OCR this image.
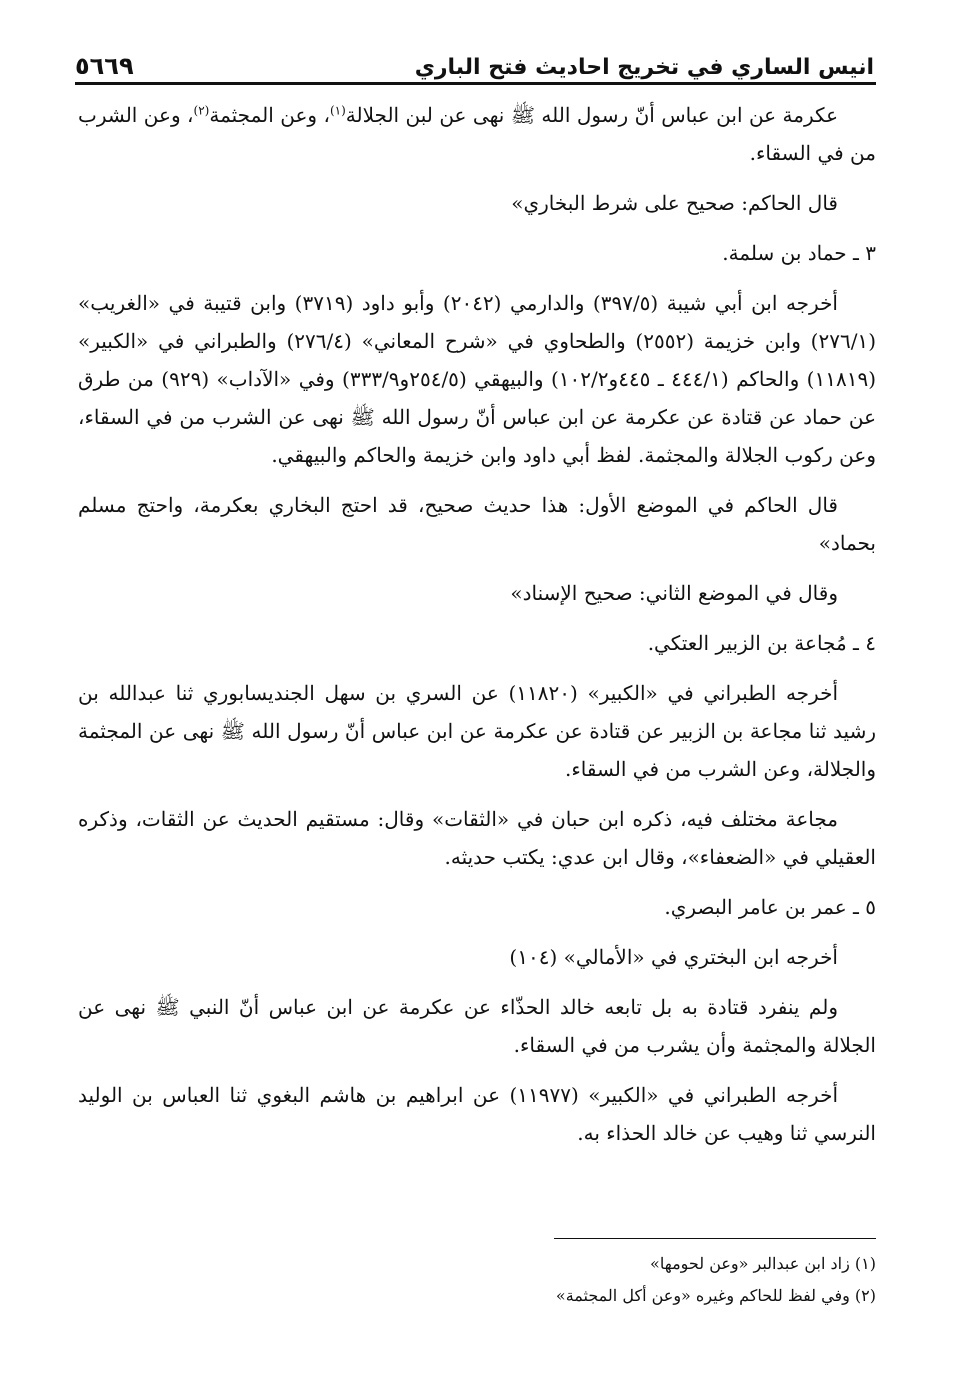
٥٦٦٩	انيس الساري في تخريج احاديث فتح الباري

عكرمة عن ابن عباس أنّ رسول الله ﷺ نهى عن لبن الجلالة$^{(١)}$، وعن المجثمة$^{(٢)}$، وعن الشرب من في السقاء.

قال الحاكم: صحيح على شرط البخاري»

٣ ـ حماد بن سلمة.

أخرجه ابن أبي شيبة (٣٩٧/٥) والدارمي (٢٠٤٢) وأبو داود (٣٧١٩) وابن قتيبة في «الغريب» (٢٧٦/١) وابن خزيمة (٢٥٥٢) والطحاوي في «شرح المعاني» (٢٧٦/٤) والطبراني في «الكبير» (١١٨١٩) والحاكم (٤٤٤/١ ـ ٤٤٥و١٠٢/٢) والبيهقي (٢٥٤/٥و٣٣٣/٩) وفي «الآداب» (٩٢٩) من طرق عن حماد عن قتادة عن عكرمة عن ابن عباس أنّ رسول الله ﷺ نهى عن الشرب من في السقاء، وعن ركوب الجلالة والمجثمة. لفظ أبي داود وابن خزيمة والحاكم والبيهقي.

قال الحاكم في الموضع الأول: هذا حديث صحيح، قد احتج البخاري بعكرمة، واحتج مسلم بحماد»

وقال في الموضع الثاني: صحيح الإسناد»

٤ ـ مُجاعة بن الزبير العتكي.

أخرجه الطبراني في «الكبير» (١١٨٢٠) عن السري بن سهل الجنديسابوري ثنا عبدالله بن رشيد ثنا مجاعة بن الزبير عن قتادة عن عكرمة عن ابن عباس أنّ رسول الله ﷺ نهى عن المجثمة والجلالة، وعن الشرب من في السقاء.

مجاعة مختلف فيه، ذكره ابن حبان في «الثقات» وقال: مستقيم الحديث عن الثقات، وذكره العقيلي في «الضعفاء»، وقال ابن عدي: يكتب حديثه.

٥ ـ عمر بن عامر البصري.

أخرجه ابن البختري في «الأمالي» (١٠٤)

ولم ينفرد قتادة به بل تابعه خالد الحذّاء عن عكرمة عن ابن عباس أنّ النبي ﷺ نهى عن الجلالة والمجثمة وأن يشرب من في السقاء.

أخرجه الطبراني في «الكبير» (١١٩٧٧) عن ابراهيم بن هاشم البغوي ثنا العباس بن الوليد النرسي ثنا وهيب عن خالد الحذاء به.

(١) زاد ابن عبدالبر «وعن لحومها»

(٢) وفي لفظ للحاكم وغيره «وعن أكل المجثمة»
